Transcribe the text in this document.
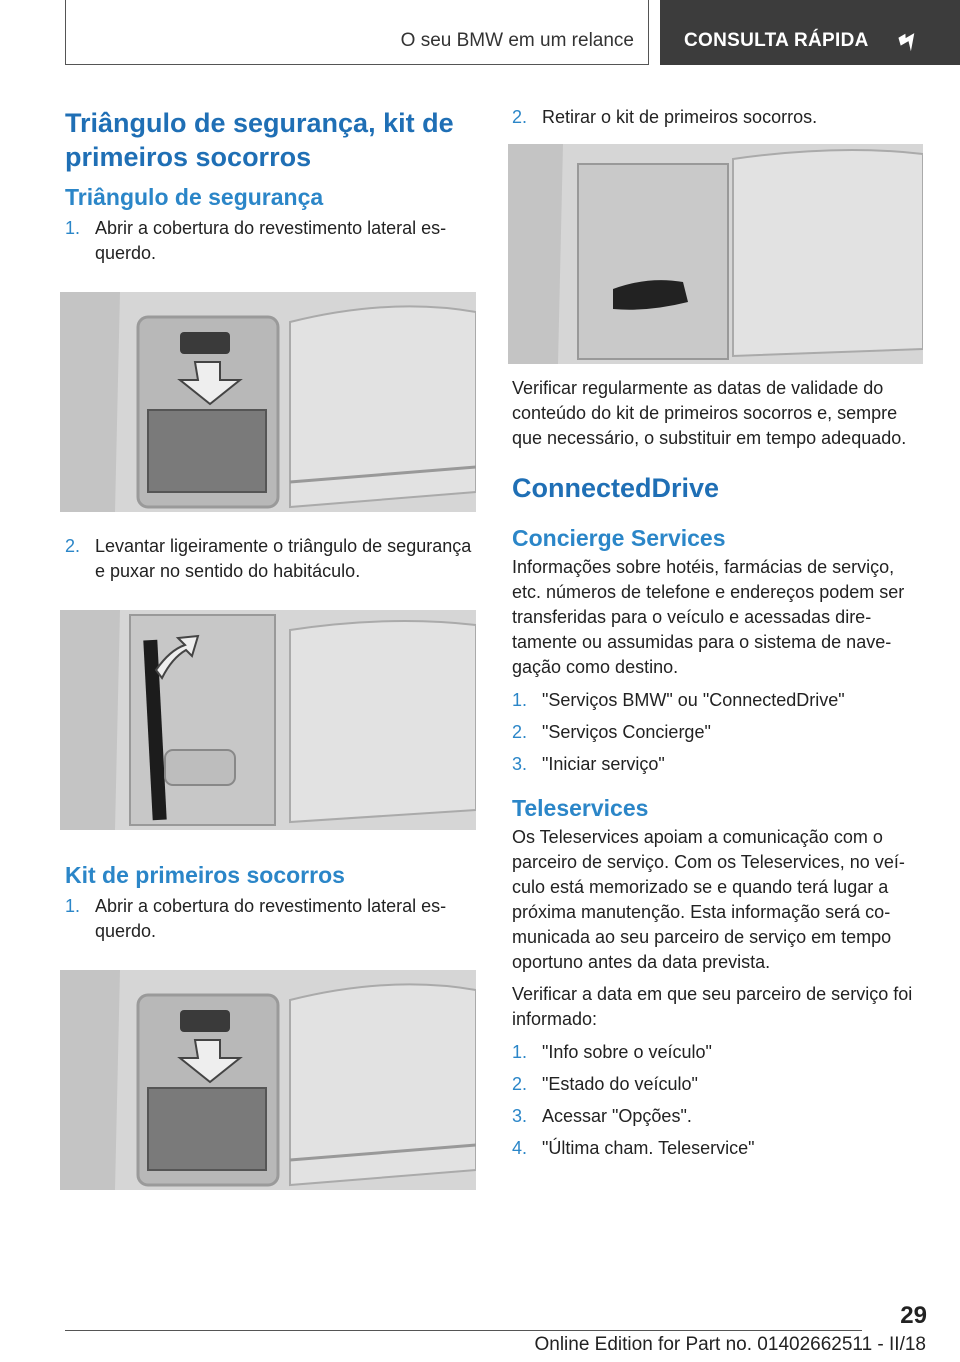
O seu BMW em um relance	CONSULTA RÁPIDA
Triângulo de segurança, kit de primeiros socorros
Triângulo de segurança
1. Abrir a cobertura do revestimento lateral esquerdo.
2. Levantar ligeiramente o triângulo de segurança e puxar no sentido do habitáculo.
Kit de primeiros socorros
1. Abrir a cobertura do revestimento lateral esquerdo.
2. Retirar o kit de primeiros socorros.

Verificar regularmente as datas de validade do conteúdo do kit de primeiros socorros e, sempre que necessário, o substituir em tempo adequado.

ConnectedDrive
Concierge Services

Informações sobre hotéis, farmácias de serviço, etc. números de telefone e endereços podem ser transferidas para o veículo e acessadas diretamente ou assumidas para o sistema de navegação como destino.

1. "Serviços BMW" ou "ConnectedDrive"
2. "Serviços Concierge"
3. "Iniciar serviço"
Teleservices

Os Teleservices apoiam a comunicação com o parceiro de serviço. Com os Teleservices, no veículo está memorizado se e quando terá lugar a próxima manutenção. Esta informação será comunicada ao seu parceiro de serviço em tempo oportuno antes da data prevista.

Verificar a data em que seu parceiro de serviço foi informado:

1. "Info sobre o veículo"
2. "Estado do veículo"
3. Acessar "Opções".
4. "Última cham. Teleservice"
29
Online Edition for Part no. 01402662511 - II/18
